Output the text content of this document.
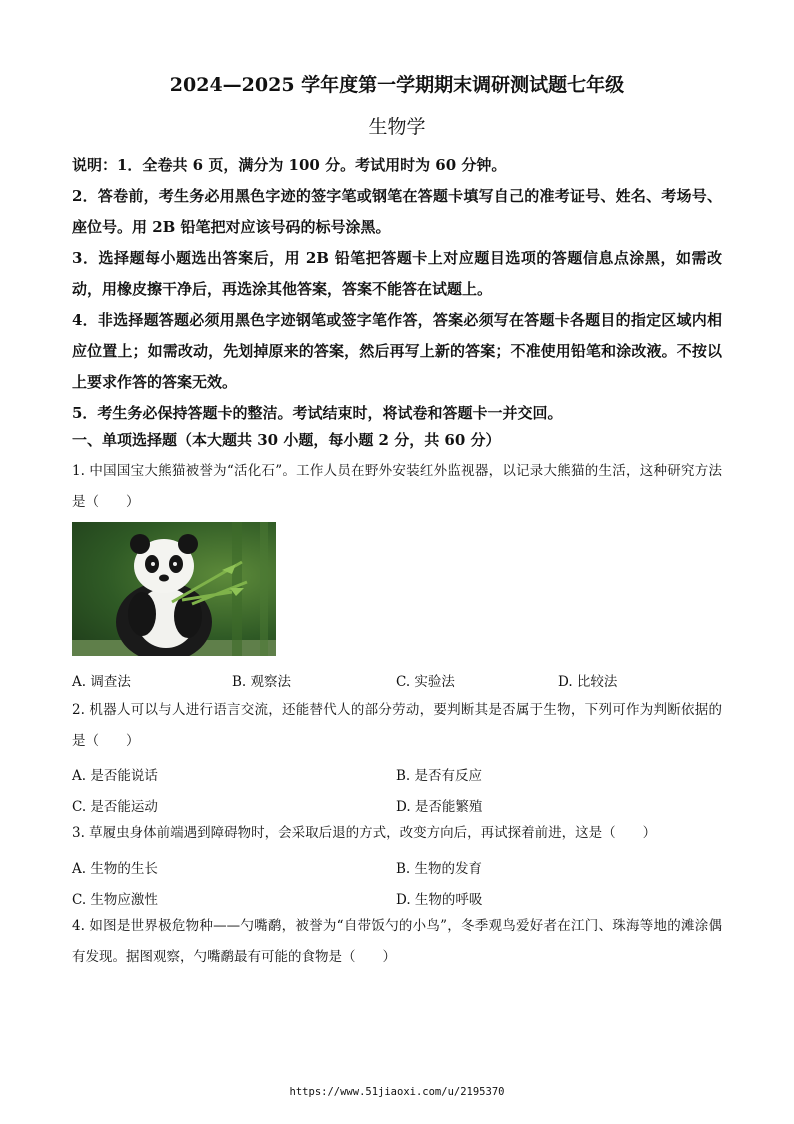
2024—2025 学年度第一学期期末调研测试题七年级
生物学

说明：1．全卷共 6 页，满分为 100 分。考试用时为 60 分钟。

2．答卷前，考生务必用黑色字迹的签字笔或钢笔在答题卡填写自己的准考证号、姓名、考场号、座位号。用 2B 铅笔把对应该号码的标号涂黑。

3．选择题每小题选出答案后，用 2B 铅笔把答题卡上对应题目选项的答题信息点涂黑，如需改动，用橡皮擦干净后，再选涂其他答案，答案不能答在试题上。

4．非选择题答题必须用黑色字迹钢笔或签字笔作答，答案必须写在答题卡各题目的指定区域内相应位置上；如需改动，先划掉原来的答案，然后再写上新的答案；不准使用铅笔和涂改液。不按以上要求作答的答案无效。

5．考生务必保持答题卡的整洁。考试结束时，将试卷和答题卡一并交回。

一、单项选择题（本大题共 30 小题，每小题 2 分，共 60 分）

1. 中国国宝大熊猫被誉为“活化石”。工作人员在野外安装红外监视器，以记录大熊猫的生活，这种研究方法是（　　）

A. 调查法	B. 观察法	C. 实验法	D. 比较法

2. 机器人可以与人进行语言交流，还能替代人的部分劳动，要判断其是否属于生物，下列可作为判断依据的是（　　）

A. 是否能说话	B. 是否有反应
C. 是否能运动	D. 是否能繁殖

3. 草履虫身体前端遇到障碍物时，会采取后退的方式，改变方向后，再试探着前进，这是（　　）

A. 生物的生长	B. 生物的发育
C. 生物应激性	D. 生物的呼吸

4. 如图是世界极危物种——勺嘴鹬，被誉为“自带饭勺的小鸟”，冬季观鸟爱好者在江门、珠海等地的滩涂偶有发现。据图观察，勺嘴鹬最有可能的食物是（　　）

https://www.51jiaoxi.com/u/2195370
